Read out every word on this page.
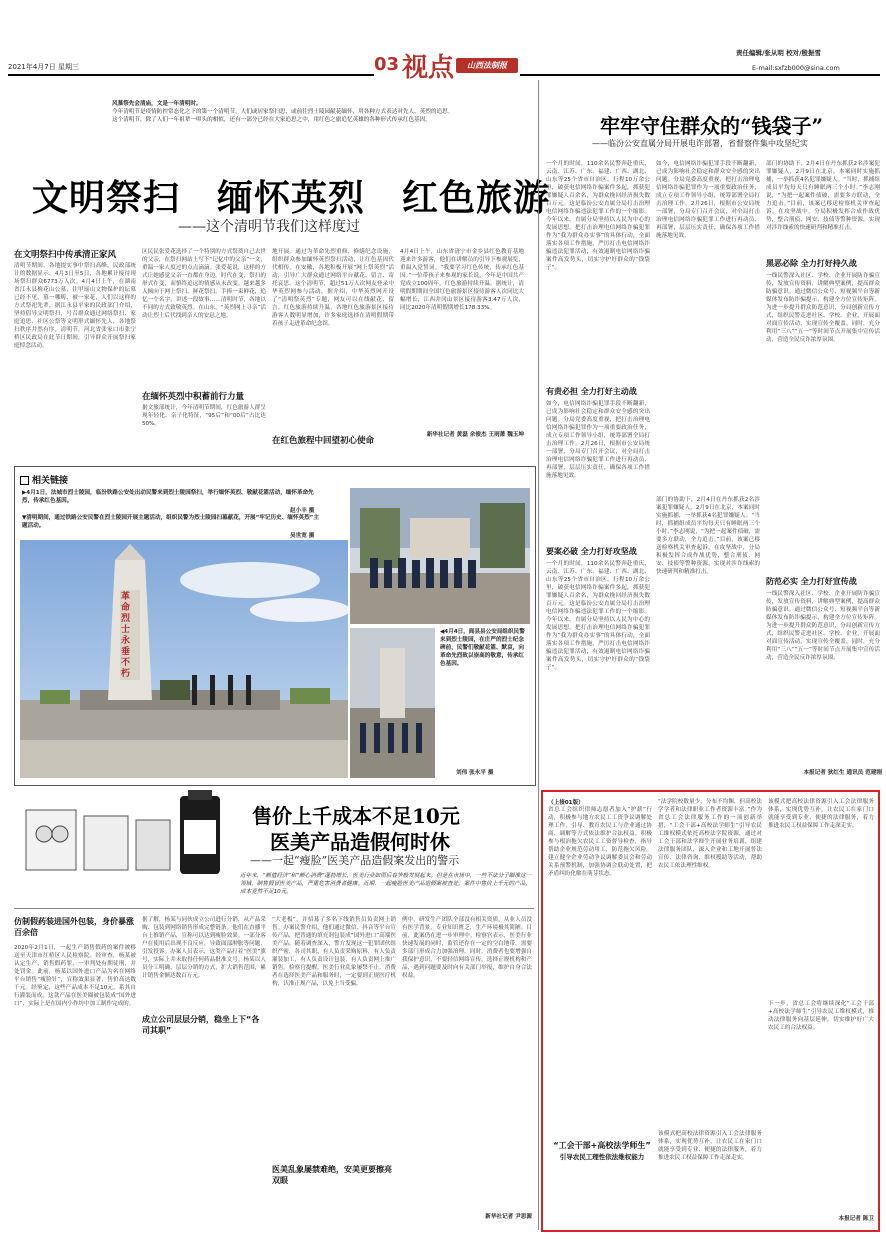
2021年4月7日 星期三	03 视点	山西法制报
责任编辑/张从明 校对/殷振雪
E-mail:sxfzb000@sina.com
风慕祭先会清庙，文是一年清明时。
今年清明节是疫情防控常态化之下的第一个清明节，人们或居家祭扫思，或前往烈士陵园献花缅怀，用各种方式表达对先人、英烈的追思。
这个清明节，除了人们一年祖辈一叩头的相似，还有一部分已经在大家追思之中，用红色之旅追忆英雄的各种形式传承红色基因。
文明祭扫　缅怀英烈　红色旅游
——这个清明节我们这样度过
在文明祭扫中传承清正家风
清明节期间，各地提实事中祭扫高峰，民政部统计的数据显示，4月3日至5日，各地累计接待现场祭扫群众6773万人次。4月4日上午，在湖南省江永县梅花山公墓，住甲瑶山文物保护的坛墓已经不见，墓一哪畴、被一家花，人们以这样的方式祭祀先辈。据江永县平家的民政部门介绍，坚持倡导文明祭扫，号召群众通过网络祭扫、家庭追思、社区公祭等文明形式缅怀先人，各地祭扫秩序井然有序。清明节，河北省张家口市张宁桥区民政局在此节日期间，引导群众开展祭扫家庭悼念活动。
区民民张爱花选择了一个特别的方式祭奠自己去世的父亲，在祭扫网站上写下“记亿中的父亲”一文，重温一家人度过的点点滴滴。张爱花说，这样的方式让她感觉父亲一直都在身边。时代在变，祭扫的形式在变，而慎终追远的情感从未改变。越来越多人倾向于网上祭扫、鲜花祭扫。手捧一束鲜花，追忆一个名字，讲述一段故事……清明时节，各地以不同的方式致敬英烈。在山东，“英烈网上寻亲”活动让烈士后代找到亲人的安息之地。
在缅怀英烈中积蓄前行力量
据文旅部统计，今年清明节期间，红色旅游人群呈现年轻化、亲子化特征，“95后”和“00后”占比达50%。
地开展。通过为革命先烈重修、修缮纪念设施，组织群众参加缅怀英烈祭扫活动，让红色基因代代相传。在安徽，各地积极开展“网上祭英烈”活动，引导广大群众通过网络平台献花、留言、寄托哀思。这个清明节，超过51万人次网友登录中华英烈网参与活动。据介绍，中华英烈网开设了“清明祭英烈”专题，网友可以在线献花、留言。红色旅游持续升温，各地红色旅游景区接待游客人数明显增加，许多家庭选择在清明假期带着孩子走进革命纪念馆。
在红色旅程中回望初心使命
4月4日上午，山东省济宁市金乡县红色教育基地迎来许多游客，他们在讲解员的引导下参观展览，重温入党誓词。“我要学习红色传统，传承红色基因。”一位带孩子来参观的家长说。今年是中国共产党成立100周年，红色旅游持续升温。据统计，清明假期期间全国红色旅游景区接待游客人次同比大幅增长，江西井冈山景区接待游客3.47万人次，同比2020年清明假期增长178.33%。
新华社记者 黄磊 余俊杰 王雨萧 魏玉坤
相关链接
▶4月1日，法城市烈士陵园，临汾铁路公安处出动民警来到烈士陵园祭扫，举行缅怀英烈、敬献花篮活动，缅怀革命先烈，传承红色基因。
赵小丰 摄
▼清明期间，通过铁路公安民警在烈士陵园开展主题活动，组织民警为烈士陵园扫墓献花，开展“牢记历史、缅怀英烈”主题活动。
吴世宽 摄
革命烈士永垂不朽
◀4月4日，阎县县公安局组织民警来到烈士陵园，在庄严的烈士纪念碑前，民警们敬献花篮、默哀，向革命先烈致以崇高的敬意，传承红色基因。
刘伟 张永平 摄
售价上千成本不足10元
医美产品造假何时休
——一起“瘦脸”医美产品造假案发出的警示
近年来，“颜值经济”和“颜心消费”蓬勃增长，医美行业如雨后春笋般发展起来。但是在市场中，一些不法分子瞄准这一领域，制售假冒医美产品，严重危害消费者健康。近期，一起瘦脸医美产品造假案被查处，案件中售价上千元的产品，成本竟然不足10元。
仿制假药装进国外包装，身价暴涨百余倍
2020年2月1日，一起生产销售假药的案件被移送至天津市红桥区人民检察院。经审查，杨某被认定生产、销售假药罪，一审判处有期徒刑，并处罚金。此前，杨某以国外进口产品为名在网络平台销售“瘦脸针”，宣称效果显著，售价高达数千元。经鉴定，这些产品成本不足10元，系其自行灌装而成。这款产品在医美圈被包装成“国外进口”，实际上是在国内小作坊中加工制作完成的。
据了解，杨某与同伙成立公司进行分销，从产品采购、包装到网络销售形成完整链条。他们在直播平台上推销产品，宣称可以达到瘦脸效果。一部分客户在使用后出现不良反应，导致面部肿胀等问题，引发投诉。办案人员表示，这类产品打着“医美”旗号，实际上并未取得任何药品批准文号。杨某以人员分工明确、层层分销的方式，扩大销售范围，累计销售金额达数百万元。
成立公司层层分销，稳坐上下“各司其职”
“大老板”，并招募了多名下线销售员负责网上销售。办案民警介绍，他们通过微信、抖音等平台宣传产品，把普通的填充剂包装成“国外进口”高端医美产品。随着调查深入，警方发现这一犯罪团伙组织严密，各司其职，有人负责采购原料，有人负责灌装加工，有人负责设计包装，有人负责网上推广销售。检察官提醒，医美行业乱象屡禁不止，消费者在选择医美产品和服务时，一定要到正规医疗机构，认准正规产品，以免上当受骗。
医美乱象屡禁难绝，安美更要擦亮双眼
例中，研发生产团队全部没有相关资质，从业人员没有医学背景，专业知识匮乏，生产环境极其简陋。目前，此案仍在进一步审理中。检察官表示，医美行业快速发展的同时，监管还存在一定的空白地带，需要多部门形成合力加强治理。同时，消费者也要增强自我保护意识，不要轻信网络宣传，选择正规机构和产品，遇到问题要及时向有关部门举报，维护自身合法权益。
新华社记者 尹思源
牢牢守住群众的“钱袋子”
——临汾公安直属分局开展电诈部署，省督察件集中攻坚纪实
一个月的时间，110余名民警奔赴重庆、云南、江苏、广东、福建、广西、湖北、山东等25个省市自治区，行程10万余公里，破获电信网络诈骗案件多起，抓获犯罪嫌疑人百余名，为群众挽回经济损失数百万元。这是临汾公安直属分局打击治理电信网络诈骗违法犯罪工作的一个缩影。今年以来，直属分局坚持以人民为中心的发展思想，把打击治理电信网络诈骗犯罪作为“我为群众办实事”的具体行动，全面落实各项工作措施，严厉打击电信网络诈骗违法犯罪活动，有效遏制电信网络诈骗案件高发势头，切实守护好群众的“钱袋子”。
有责必担 全力打好主动战
如今，电信网络诈骗犯罪手段不断翻新，已成为影响社会稳定和群众安全感的突出问题。分局党委高度重视，把打击治理电信网络诈骗犯罪作为一项重要政治任务，成立专项工作领导小组，统筹部署全局打击治理工作。2月26日，根据市公安局统一部署，分局专门召开会议，对全局打击治理电信网络诈骗犯罪工作进行再动员、再部署，层层压实责任，确保各项工作措施落地见效。
要案必破 全力打好攻坚战
一个月的时间，110余名民警奔赴重庆、云南、江苏、广东、福建、广西、湖北、山东等25个省市自治区，行程10万余公里，破获电信网络诈骗案件多起，抓获犯罪嫌疑人百余名，为群众挽回经济损失数百万元。这是临汾公安直属分局打击治理电信网络诈骗违法犯罪工作的一个缩影。今年以来，直属分局坚持以人民为中心的发展思想，把打击治理电信网络诈骗犯罪作为“我为群众办实事”的具体行动，全面落实各项工作措施，严厉打击电信网络诈骗违法犯罪活动，有效遏制电信网络诈骗案件高发势头，切实守护好群众的“钱袋子”。
如今，电信网络诈骗犯罪手段不断翻新，已成为影响社会稳定和群众安全感的突出问题。分局党委高度重视，把打击治理电信网络诈骗犯罪作为一项重要政治任务，成立专项工作领导小组，统筹部署全局打击治理工作。2月26日，根据市公安局统一部署，分局专门召开会议，对全局打击治理电信网络诈骗犯罪工作进行再动员、再部署，层层压实责任，确保各项工作措施落地见效。
部门的协助下，2月4日在丹东抓获2名涉案犯罪嫌疑人，2月9日在北京，本案同时实施抓捕，一举抓获4名犯罪嫌疑人。“当时，抓捕组成员平均每天只有睡眠两三个小时。”李志刚说，“为把一起案件侦破，需要多方联动，全力追击。”目前，该案已移送检察机关审查起诉。在攻坚战中，分局积极发挥合成作战优势，整合刑侦、网安、技侦等警种资源，实现对涉诈线索的快速研判和精准打击。
本报记者 狄红生 通讯员 范建刚
部门的协助下，2月4日在丹东抓获2名涉案犯罪嫌疑人，2月9日在北京，本案同时实施抓捕，一举抓获4名犯罪嫌疑人。“当时，抓捕组成员平均每天只有睡眠两三个小时。”李志刚说，“为把一起案件侦破，需要多方联动，全力追击。”目前，该案已移送检察机关审查起诉。在攻坚战中，分局积极发挥合成作战优势，整合刑侦、网安、技侦等警种资源，实现对涉诈线索的快速研判和精准打击。
黑恶必除 全力打好持久战
一线民警深入社区、学校、企业开展防诈骗宣传，发放宣传资料，讲解典型案例，提高群众防骗意识。通过微信公众号、短视频平台等新媒体发布防诈骗提示，构建全方位宣传矩阵。为进一步提升群众防范意识，分局创新宣传方式，组织民警走进社区、学校、企业，开展面对面宣传活动，实现宣传全覆盖。同时，充分利用“三八”“五一”等时间节点开展集中宣传活动，营造全民反诈浓厚氛围。
防范必实 全力打好宣传战
一线民警深入社区、学校、企业开展防诈骗宣传，发放宣传资料，讲解典型案例，提高群众防骗意识。通过微信公众号、短视频平台等新媒体发布防诈骗提示，构建全方位宣传矩阵。为进一步提升群众防范意识，分局创新宣传方式，组织民警走进社区、学校、企业，开展面对面宣传活动，实现宣传全覆盖。同时，充分利用“三八”“五一”等时间节点开展集中宣传活动，营造全民反诈浓厚氛围。
（上接01版）
省总工会组织律师志愿者加入“护薪”行动，积极参与地方农民工工资争议调解处理工作，引导、教育农民工与企业通过协商、调解等方式依法维护合法权益。积极参与根治拖欠农民工工资督导检查，指导帮助企业规范劳动用工，防范拖欠风险。建立健全企业劳动争议调解委员会和劳动关系预警机制，加强协调会联动处置，把矛盾纠纷化解在萌芽状态。
“法学院校数量少，分布不均衡，但高校法学学者和法律职业工作者资源丰富。”作为省总工会法律服务工作的一项创新举措，“工会干部+高校法学师生”引导农民工维权模式依托高校法学院资源，通过对工会干部和法学师生开展业务培训，组建法律服务团队，深入企业和工地开展普法宣传、法律咨询、维权援助等活动，帮助农民工依法理性维权。
该模式把高校法律资源引入工会法律服务体系，实现优势互补，让农民工在家门口就能享受到专业、便捷的法律服务，着力推进农民工权益保障工作走深走实。
下一步，省总工会将继续深化“工会干部+高校法学师生”引导农民工维权模式，推动法律服务向基层延伸，切实维护好广大农民工的合法权益。
“工会干部+高校法学师生”
引导农民工理性依法维权能力
该模式把高校法律资源引入工会法律服务体系，实现优势互补，让农民工在家门口就能享受到专业、便捷的法律服务，着力推进农民工权益保障工作走深走实。
本报记者 陈卫
